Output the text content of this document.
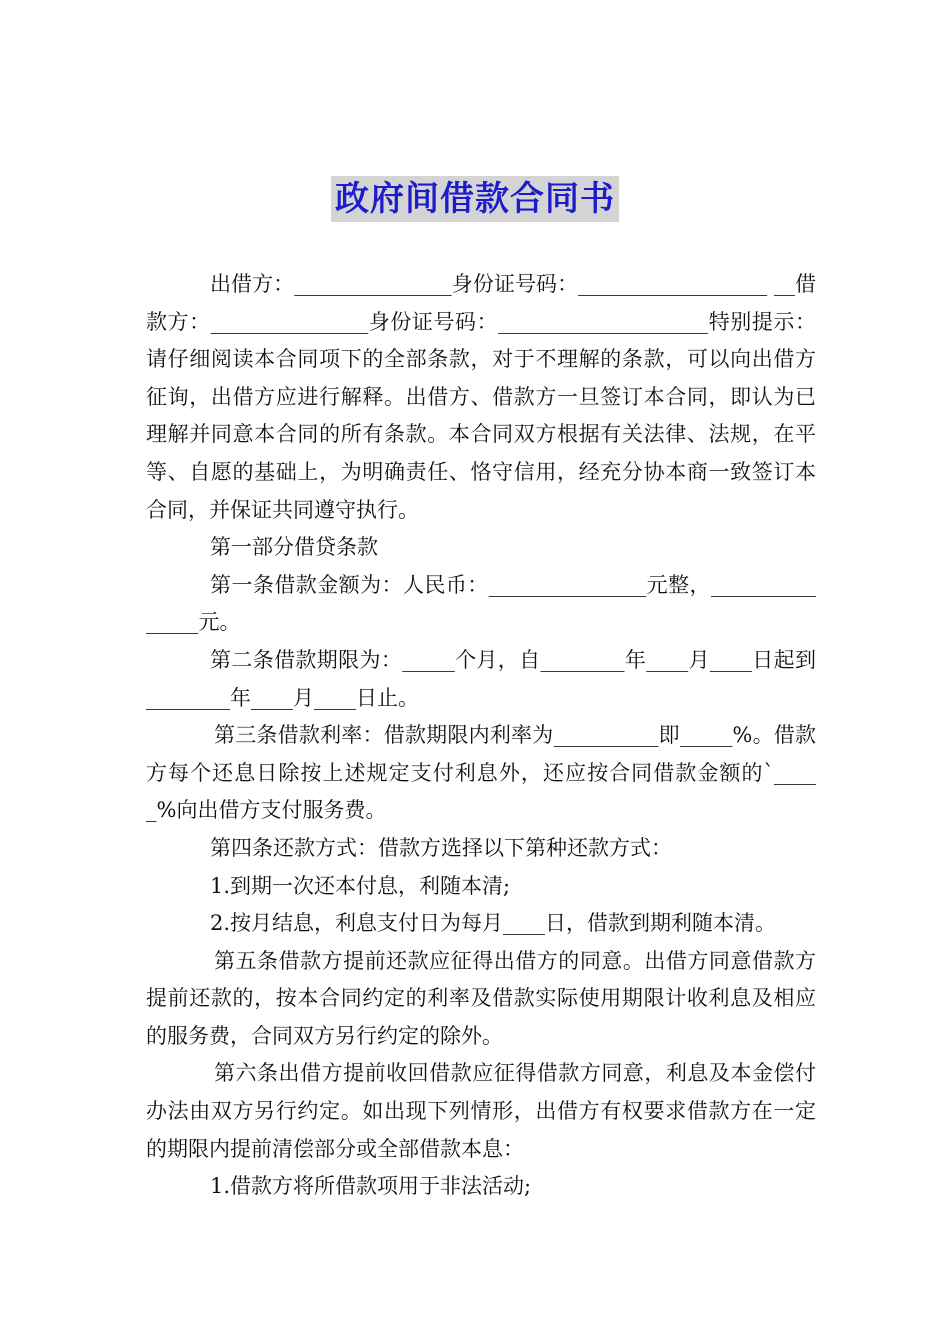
政府间借款合同书

出借方：_______________身份证号码：__________________ __借款方：_______________身份证号码：____________________特别提示：请仔细阅读本合同项下的全部条款，对于不理解的条款，可以向出借方征询，出借方应进行解释。出借方、借款方一旦签订本合同，即认为已理解并同意本合同的所有条款。本合同双方根据有关法律、法规，在平等、自愿的基础上，为明确责任、恪守信用，经充分协本商一致签订本合同，并保证共同遵守执行。

第一部分借贷条款

第一条借款金额为：人民币：_______________元整，_______________元。

第二条借款期限为：_____个月，自________年____月____日起到________年____月____日止。

第三条借款利率：借款期限内利率为__________即_____%。借款方每个还息日除按上述规定支付利息外，还应按合同借款金额的`_____%向出借方支付服务费。

第四条还款方式：借款方选择以下第种还款方式：

1.到期一次还本付息，利随本清;

2.按月结息，利息支付日为每月____日，借款到期利随本清。

第五条借款方提前还款应征得出借方的同意。出借方同意借款方提前还款的，按本合同约定的利率及借款实际使用期限计收利息及相应的服务费，合同双方另行约定的除外。

第六条出借方提前收回借款应征得借款方同意，利息及本金偿付办法由双方另行约定。如出现下列情形，出借方有权要求借款方在一定的期限内提前清偿部分或全部借款本息：

1.借款方将所借款项用于非法活动;
